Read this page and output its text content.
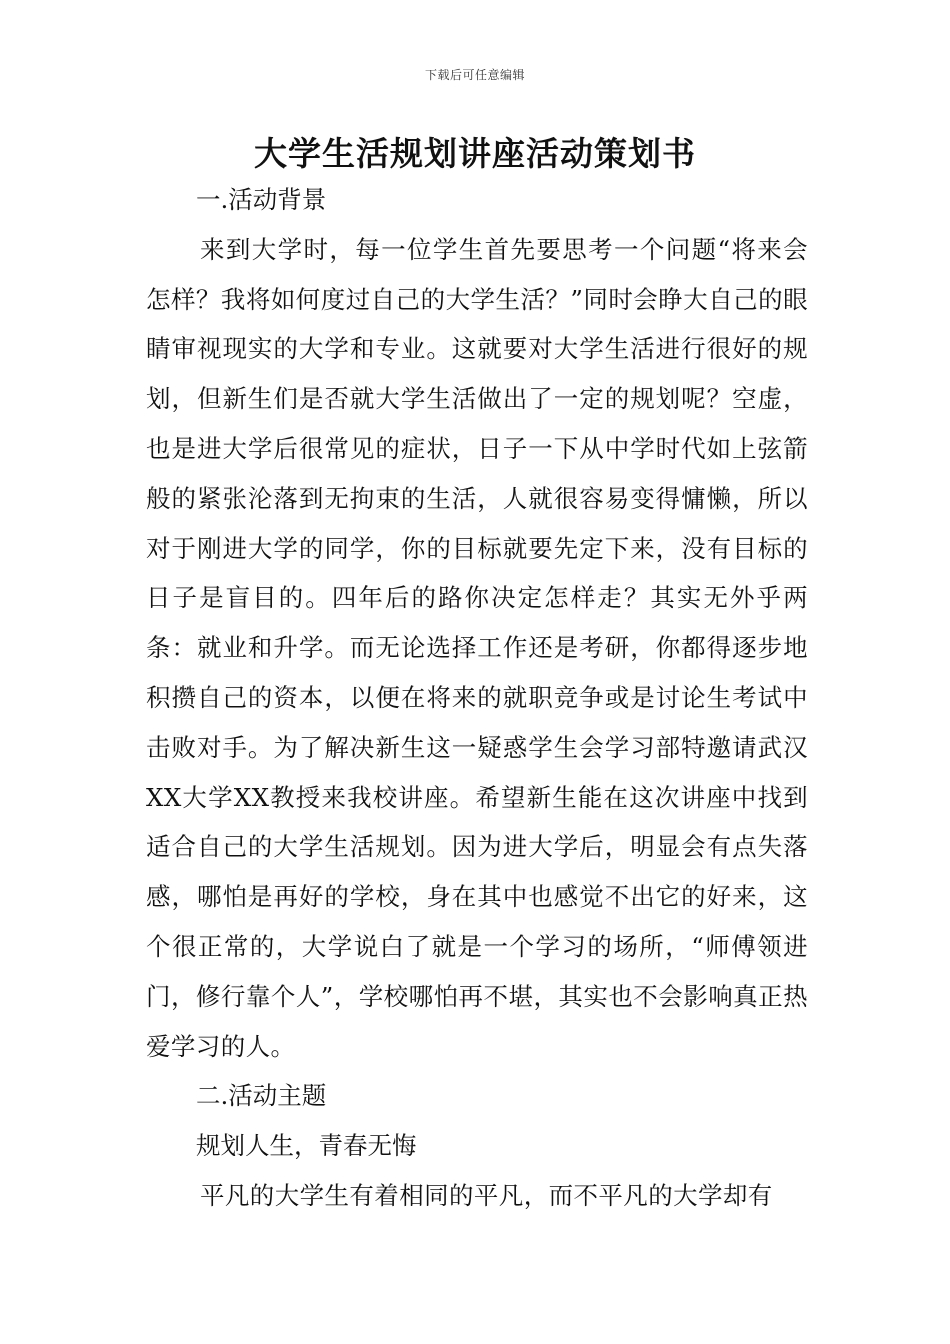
下载后可任意编辑
大学生活规划讲座活动策划书

一.活动背景

来到大学时，每一位学生首先要思考一个问题“将来会怎样？我将如何度过自己的大学生活？”同时会睁大自己的眼睛审视现实的大学和专业。这就要对大学生活进行很好的规划，但新生们是否就大学生活做出了一定的规划呢？空虚，也是进大学后很常见的症状，日子一下从中学时代如上弦箭般的紧张沦落到无拘束的生活，人就很容易变得慵懒，所以对于刚进大学的同学，你的目标就要先定下来，没有目标的日子是盲目的。四年后的路你决定怎样走？其实无外乎两条：就业和升学。而无论选择工作还是考研，你都得逐步地积攒自己的资本，以便在将来的就职竞争或是讨论生考试中击败对手。为了解决新生这一疑惑学生会学习部特邀请武汉XX大学XX教授来我校讲座。希望新生能在这次讲座中找到适合自己的大学生活规划。因为进大学后，明显会有点失落感，哪怕是再好的学校，身在其中也感觉不出它的好来，这个很正常的，大学说白了就是一个学习的场所，“师傅领进门，修行靠个人”，学校哪怕再不堪，其实也不会影响真正热爱学习的人。

二.活动主题

规划人生，青春无悔

平凡的大学生有着相同的平凡，而不平凡的大学却有
